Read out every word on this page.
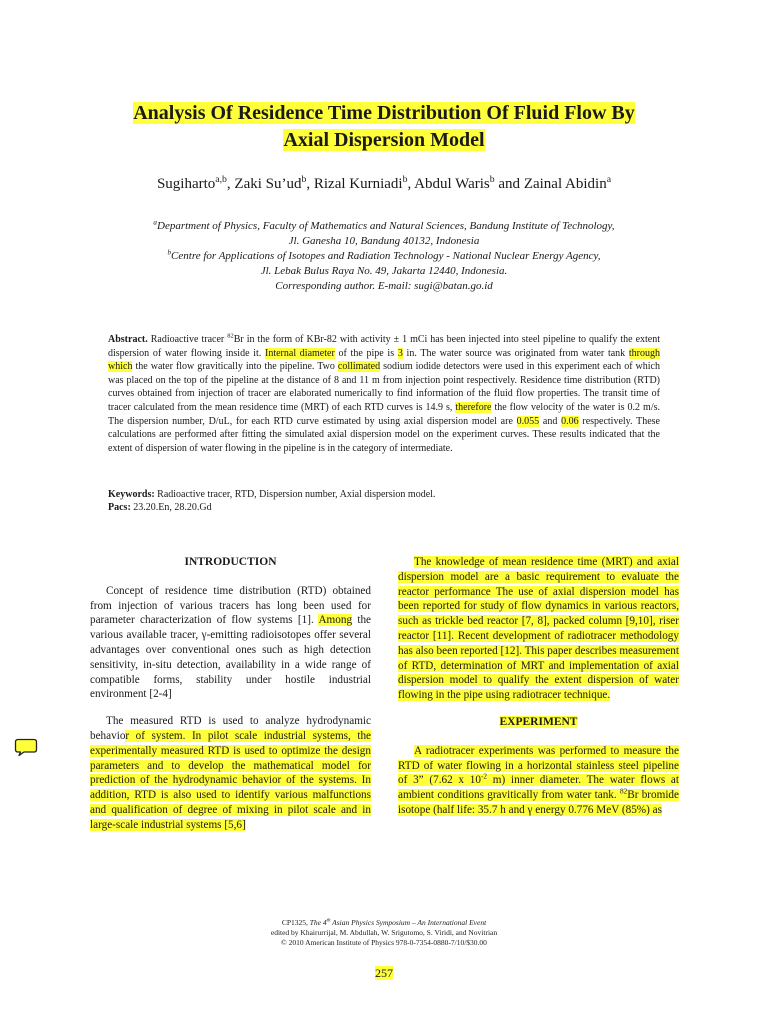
Analysis Of Residence Time Distribution Of Fluid Flow By
Axial Dispersion Model
Sugiharto$^{a,b}$, Zaki $Su’ud^b$, Rizal Kurniadi$^b$, Abdul Waris$^b$ and Zainal Abidin$^a$
$^a$Department of Physics, Faculty of Mathematics and Natural Sciences, Bandung Institute of Technology,
Jl. Ganesha 10, Bandung 40132, Indonesia
$^b$Centre for Applications of Isotopes and Radiation Technology - National Nuclear Energy Agency,
Jl. Lebak Bulus Raya No. 49, Jakarta 12440, Indonesia.
Corresponding author. E-mail: sugi@batan.go.id
Abstract. Radioactive tracer $^{82}$Br in the form of KBr-82 with activity ± 1 mCi has been injected into steel pipeline to qualify the extent dispersion of water flowing inside it. Internal diameter of the pipe is 3 in. The water source was originated from water tank through which the water flow gravitically into the pipeline. Two collimated sodium iodide detectors were used in this experiment each of which was placed on the top of the pipeline at the distance of 8 and 11 m from injection point respectively. Residence time distribution (RTD) curves obtained from injection of tracer are elaborated numerically to find information of the fluid flow properties. The transit time of tracer calculated from the mean residence time (MRT) of each RTD curves is 14.9 s, therefore the flow velocity of the water is 0.2 m/s. The dispersion number, D/uL, for each RTD curve estimated by using axial dispersion model are 0.055 and 0.06 respectively. These calculations are performed after fitting the simulated axial dispersion model on the experiment curves. These results indicated that the extent of dispersion of water flowing in the pipeline is in the category of intermediate.
Keywords: Radioactive tracer, RTD, Dispersion number, Axial dispersion model.
Pacs: 23.20.En, 28.20.Gd
INTRODUCTION
Concept of residence time distribution (RTD) obtained from injection of various tracers has long been used for parameter characterization of flow systems [1]. Among the various available tracer, γ-emitting radioisotopes offer several advantages over conventional ones such as high detection sensitivity, in-situ detection, availability in a wide range of compatible forms, stability under hostile industrial environment [2-4]
The measured RTD is used to analyze hydrodynamic behavior of system. In pilot scale industrial systems, the experimentally measured RTD is used to optimize the design parameters and to develop the mathematical model for prediction of the hydrodynamic behavior of the systems. In addition, RTD is also used to identify various malfunctions and qualification of degree of mixing in pilot scale and in large-scale industrial systems [5,6]
The knowledge of mean residence time (MRT) and axial dispersion model are a basic requirement to evaluate the reactor performance The use of axial dispersion model has been reported for study of flow dynamics in various reactors, such as trickle bed reactor [7, 8], packed column [9,10], riser reactor [11]. Recent development of radiotracer methodology has also been reported [12]. This paper describes measurement of RTD, determination of MRT and implementation of axial dispersion model to qualify the extent dispersion of water flowing in the pipe using radiotracer technique.
EXPERIMENT
A radiotracer experiments was performed to measure the RTD of water flowing in a horizontal stainless steel pipeline of 3” (7.62 x $10^{-2}$ m) inner diameter. The water flows at ambient conditions gravitically from water tank. $^{82}$Br bromide isotope (half life: 35.7 h and γ energy 0.776 MeV (85%) as
CP1325, The 4th Asian Physics Symposium – An International Event
edited by Khairurrijal, M. Abdullah, W. Srigutomo, S. Viridi, and Novitrian
© 2010 American Institute of Physics 978-0-7354-0880-7/10/$30.00
257
